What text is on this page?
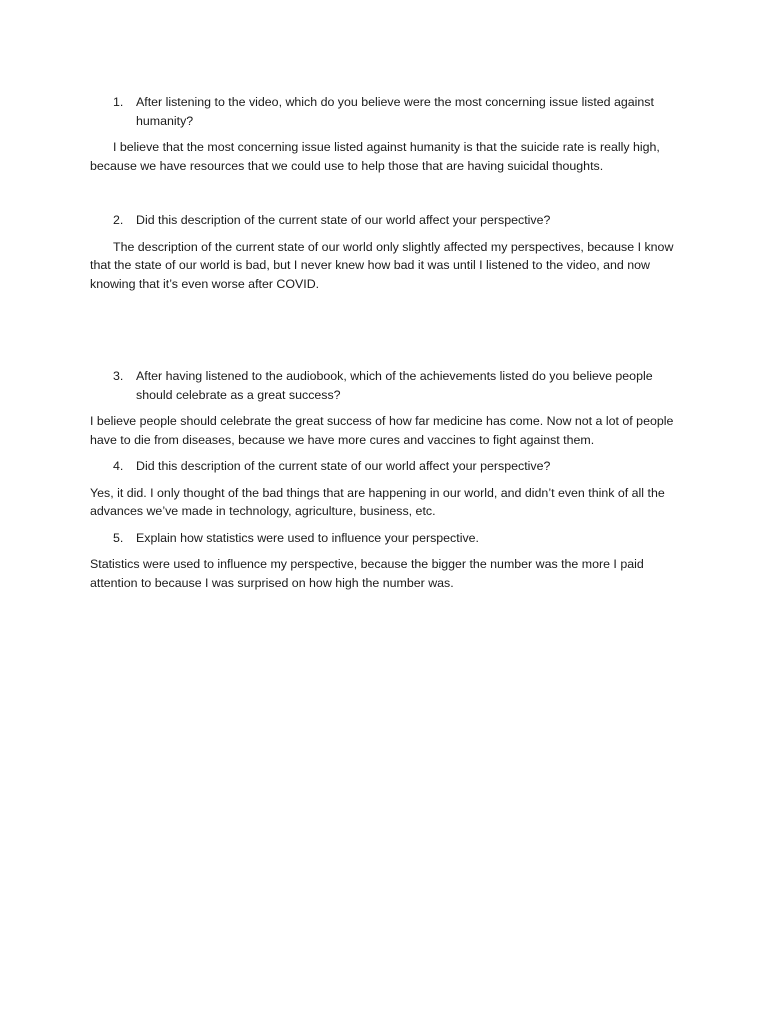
1. After listening to the video, which do you believe were the most concerning issue listed against humanity?

I believe that the most concerning issue listed against humanity is that the suicide rate is really high, because we have resources that we could use to help those that are having suicidal thoughts.

2. Did this description of the current state of our world affect your perspective?

The description of the current state of our world only slightly affected my perspectives, because I know that the state of our world is bad, but I never knew how bad it was until I listened to the video, and now knowing that it’s even worse after COVID.

3. After having listened to the audiobook, which of the achievements listed do you believe people should celebrate as a great success?

I believe people should celebrate the great success of how far medicine has come. Now not a lot of people have to die from diseases, because we have more cures and vaccines to fight against them.

4. Did this description of the current state of our world affect your perspective?

Yes, it did. I only thought of the bad things that are happening in our world, and didn’t even think of all the advances we’ve made in technology, agriculture, business, etc.

5. Explain how statistics were used to influence your perspective.

Statistics were used to influence my perspective, because the bigger the number was the more I paid attention to because I was surprised on how high the number was.
